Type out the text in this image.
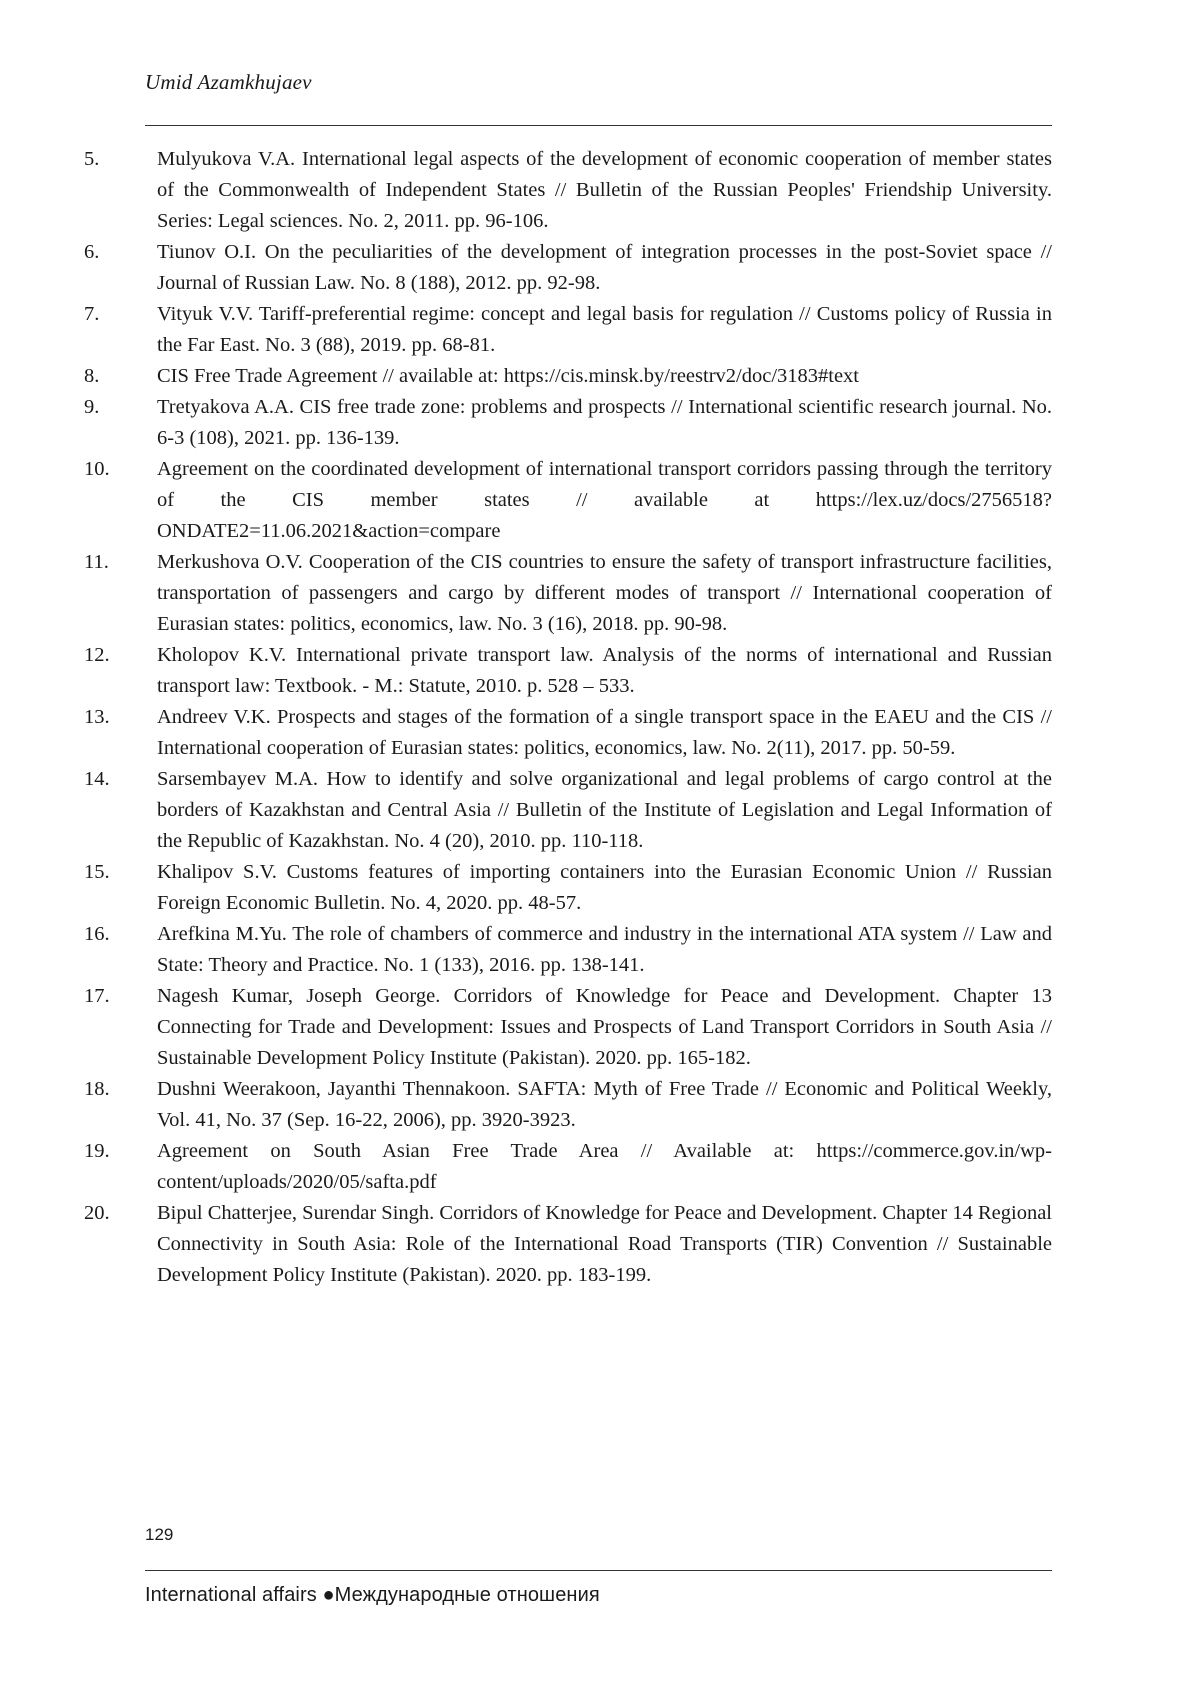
Umid Azamkhujaev
5.	Mulyukova V.A. International legal aspects of the development of economic cooperation of member states of the Commonwealth of Independent States // Bulletin of the Russian Peoples' Friendship University. Series: Legal sciences. No. 2, 2011. pp. 96-106.
6.	Tiunov O.I. On the peculiarities of the development of integration processes in the post-Soviet space // Journal of Russian Law. No. 8 (188), 2012. pp. 92-98.
7.	Vityuk V.V. Tariff-preferential regime: concept and legal basis for regulation // Customs policy of Russia in the Far East. No. 3 (88), 2019. pp. 68-81.
8.	CIS Free Trade Agreement // available at: https://cis.minsk.by/reestrv2/doc/3183#text
9.	Tretyakova A.A. CIS free trade zone: problems and prospects // International scientific research journal. No. 6-3 (108), 2021. pp. 136-139.
10. Agreement on the coordinated development of international transport corridors passing through the territory of the CIS member states // available at https://lex.uz/docs/2756518?ONDATE2=11.06.2021&action=compare
11. Merkushova O.V. Cooperation of the CIS countries to ensure the safety of transport infrastructure facilities, transportation of passengers and cargo by different modes of transport // International cooperation of Eurasian states: politics, economics, law. No. 3 (16), 2018. pp. 90-98.
12. Kholopov K.V. International private transport law. Analysis of the norms of international and Russian transport law: Textbook. - M.: Statute, 2010. p. 528 – 533.
13. Andreev V.K. Prospects and stages of the formation of a single transport space in the EAEU and the CIS // International cooperation of Eurasian states: politics, economics, law. No. 2(11), 2017. pp. 50-59.
14. Sarsembayev M.A. How to identify and solve organizational and legal problems of cargo control at the borders of Kazakhstan and Central Asia // Bulletin of the Institute of Legislation and Legal Information of the Republic of Kazakhstan. No. 4 (20), 2010. pp. 110-118.
15. Khalipov S.V. Customs features of importing containers into the Eurasian Economic Union // Russian Foreign Economic Bulletin. No. 4, 2020. pp. 48-57.
16. Arefkina M.Yu. The role of chambers of commerce and industry in the international ATA system // Law and State: Theory and Practice. No. 1 (133), 2016. pp. 138-141.
17. Nagesh Kumar, Joseph George. Corridors of Knowledge for Peace and Development. Chapter 13 Connecting for Trade and Development: Issues and Prospects of Land Transport Corridors in South Asia // Sustainable Development Policy Institute (Pakistan). 2020. pp. 165-182.
18. Dushni Weerakoon, Jayanthi Thennakoon. SAFTA: Myth of Free Trade // Economic and Political Weekly, Vol. 41, No. 37 (Sep. 16-22, 2006), pp. 3920-3923.
19. Agreement on South Asian Free Trade Area // Available at: https://commerce.gov.in/wp-content/uploads/2020/05/safta.pdf
20. Bipul Chatterjee, Surendar Singh. Corridors of Knowledge for Peace and Development. Chapter 14 Regional Connectivity in South Asia: Role of the International Road Transports (TIR) Convention // Sustainable Development Policy Institute (Pakistan). 2020. pp. 183-199.
129
International affairs ●Международные отношения
